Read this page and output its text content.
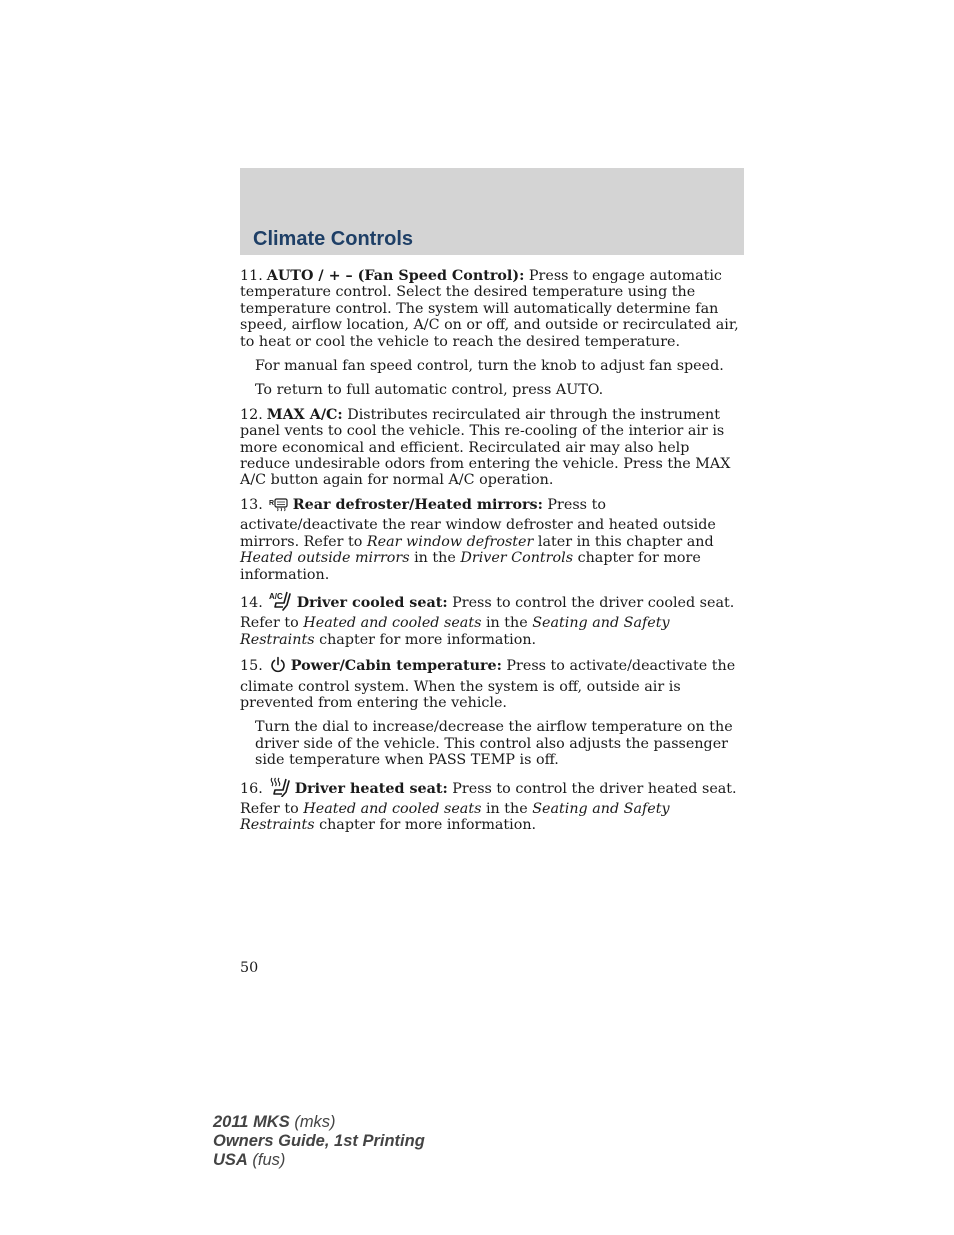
Climate Controls

11. AUTO / + – (Fan Speed Control): Press to engage automatic temperature control. Select the desired temperature using the temperature control. The system will automatically determine fan speed, airflow location, A/C on or off, and outside or recirculated air, to heat or cool the vehicle to reach the desired temperature.

For manual fan speed control, turn the knob to adjust fan speed.

To return to full automatic control, press AUTO.

12. MAX A/C: Distributes recirculated air through the instrument panel vents to cool the vehicle. This re-cooling of the interior air is more economical and efficient. Recirculated air may also help reduce undesirable odors from entering the vehicle. Press the MAX A/C button again for normal A/C operation.

13. R Rear defroster/Heated mirrors: Press to activate/deactivate the rear window defroster and heated outside mirrors. Refer to Rear window defroster later in this chapter and Heated outside mirrors in the Driver Controls chapter for more information.

14. A/C Driver cooled seat: Press to control the driver cooled seat. Refer to Heated and cooled seats in the Seating and Safety Restraints chapter for more information.

15. Power/Cabin temperature: Press to activate/deactivate the climate control system. When the system is off, outside air is prevented from entering the vehicle.

Turn the dial to increase/decrease the airflow temperature on the driver side of the vehicle. This control also adjusts the passenger side temperature when PASS TEMP is off.

16. Driver heated seat: Press to control the driver heated seat. Refer to Heated and cooled seats in the Seating and Safety Restraints chapter for more information.

50
2011 MKS (mks)
Owners Guide, 1st Printing
USA (fus)
